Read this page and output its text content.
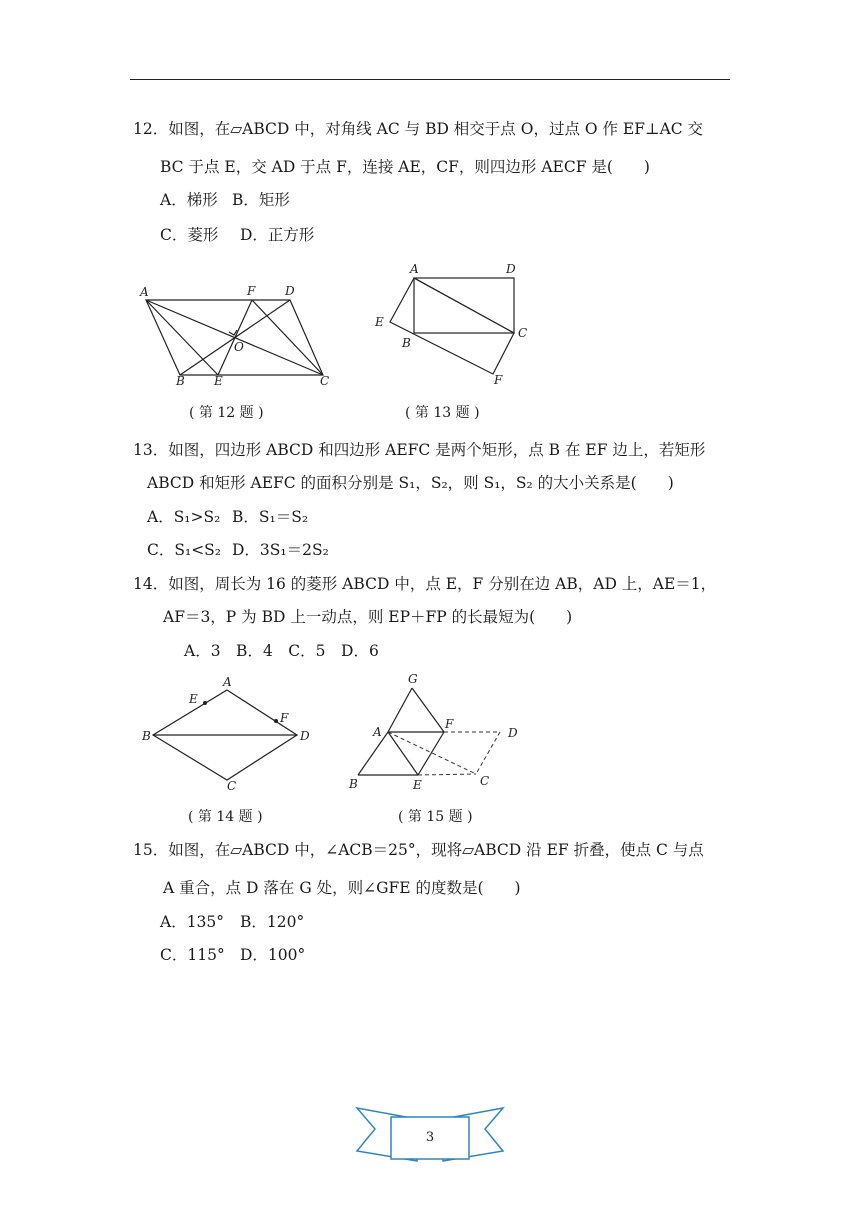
12．如图，在▱ABCD 中，对角线 AC 与 BD 相交于点 O，过点 O 作 EF⊥AC 交
BC 于点 E，交 AD 于点 F，连接 AE，CF，则四边形 AECF 是(　　)
A．梯形 B．矩形
C．菱形 D．正方形
A	F D
O
B E	C
( 第 12 题 )
A	D
E
B
C
F
( 第 13 题 )
13．如图，四边形 ABCD 和四边形 AEFC 是两个矩形，点 B 在 EF 边上，若矩形
ABCD 和矩形 AEFC 的面积分别是 S₁，S₂，则 S₁，S₂ 的大小关系是(　　)
A．S₁>S₂ B．S₁＝S₂
C．S₁<S₂ D．3S₁＝2S₂
14．如图，周长为 16 的菱形 ABCD 中，点 E，F 分别在边 AB，AD 上，AE＝1，
AF＝3，P 为 BD 上一动点，则 EP＋FP 的长最短为(　　)
A．3　B．4　C．5　D．6
A
E
F
B	D
C
( 第 14 题 )
G
A
F
D
B	E	C
( 第 15 题 )
15．如图，在▱ABCD 中，∠ACB＝25°，现将▱ABCD 沿 EF 折叠，使点 C 与点
A 重合，点 D 落在 G 处，则∠GFE 的度数是(　　)
A．135° B．120°
C．115° D．100°
3
